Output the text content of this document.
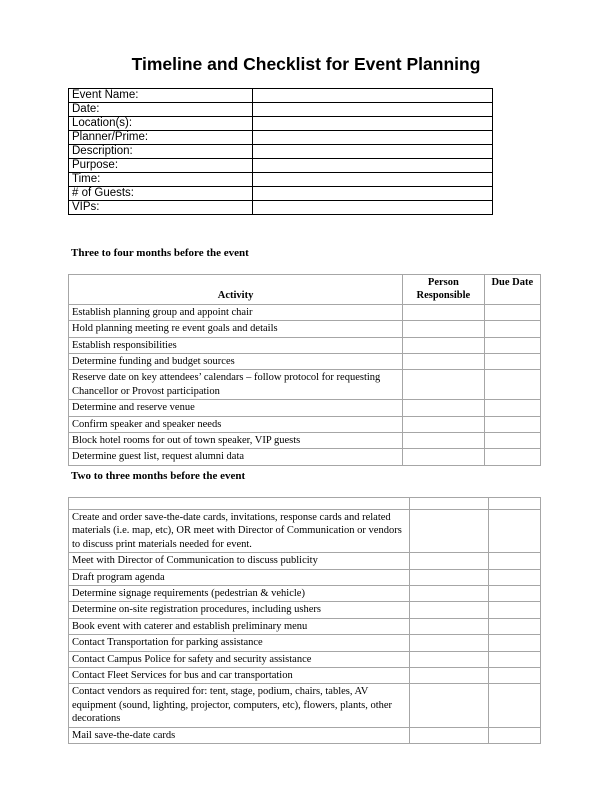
Timeline and Checklist for Event Planning
Event Name:	
Date:	
Location(s):	
Planner/Prime:	
Description:	
Purpose:	
Time:	
# of Guests:	
VIPs:	
Three to four months before the event
Activity	Person Responsible	Due Date
Establish planning group and appoint chair		
Hold planning meeting re event goals and details		
Establish responsibilities		
Determine funding and budget sources		
Reserve date on key attendees’ calendars – follow protocol for requesting Chancellor or Provost participation		
Determine and reserve venue		
Confirm speaker and speaker needs		
Block hotel rooms for out of town speaker, VIP guests		
Determine guest list, request alumni data		
Two to three months before the event

Create and order save-the-date cards, invitations, response cards and related materials (i.e. map, etc), OR meet with Director of Communication or vendors to discuss print materials needed for event.		
Meet with Director of Communication to discuss publicity		
Draft program agenda		
Determine signage requirements (pedestrian & vehicle)		
Determine on-site registration procedures, including ushers		
Book event with caterer and establish preliminary menu		
Contact Transportation for parking assistance		
Contact Campus Police for safety and security assistance		
Contact Fleet Services for bus and car transportation		
Contact vendors as required for: tent, stage, podium, chairs, tables, AV equipment (sound, lighting, projector, computers, etc), flowers, plants, other decorations		
Mail save-the-date cards		
